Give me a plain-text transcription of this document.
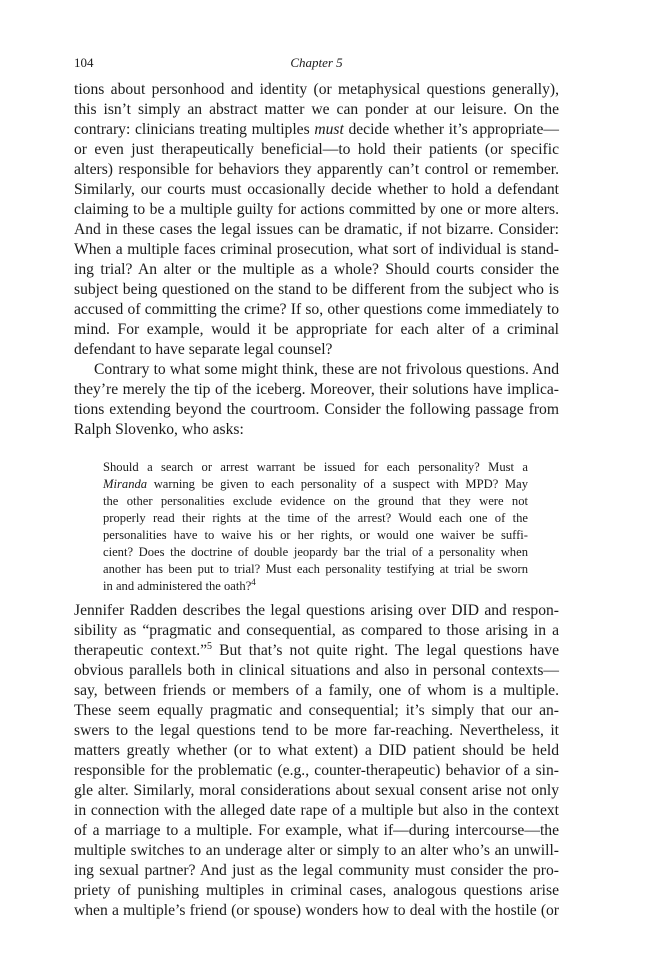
104	Chapter 5
tions about personhood and identity (or metaphysical questions generally),
this isn’t simply an abstract matter we can ponder at our leisure. On the
contrary: clinicians treating multiples must decide whether it’s appropriate—
or even just therapeutically beneficial—to hold their patients (or specific
alters) responsible for behaviors they apparently can’t control or remember.
Similarly, our courts must occasionally decide whether to hold a defendant
claiming to be a multiple guilty for actions committed by one or more alters.
And in these cases the legal issues can be dramatic, if not bizarre. Consider:
When a multiple faces criminal prosecution, what sort of individual is stand-
ing trial? An alter or the multiple as a whole? Should courts consider the
subject being questioned on the stand to be different from the subject who is
accused of committing the crime? If so, other questions come immediately to
mind. For example, would it be appropriate for each alter of a criminal
defendant to have separate legal counsel?
Contrary to what some might think, these are not frivolous questions. And
they’re merely the tip of the iceberg. Moreover, their solutions have implica-
tions extending beyond the courtroom. Consider the following passage from
Ralph Slovenko, who asks:
Should a search or arrest warrant be issued for each personality? Must a
Miranda warning be given to each personality of a suspect with MPD? May
the other personalities exclude evidence on the ground that they were not
properly read their rights at the time of the arrest? Would each one of the
personalities have to waive his or her rights, or would one waiver be suffi-
cient? Does the doctrine of double jeopardy bar the trial of a personality when
another has been put to trial? Must each personality testifying at trial be sworn
in and administered the oath?$^4$
Jennifer Radden describes the legal questions arising over DID and respon-
sibility as “pragmatic and consequential, as compared to those arising in a
therapeutic context.”$^5$ But that’s not quite right. The legal questions have
obvious parallels both in clinical situations and also in personal contexts—
say, between friends or members of a family, one of whom is a multiple.
These seem equally pragmatic and consequential; it’s simply that our an-
swers to the legal questions tend to be more far-reaching. Nevertheless, it
matters greatly whether (or to what extent) a DID patient should be held
responsible for the problematic (e.g., counter-therapeutic) behavior of a sin-
gle alter. Similarly, moral considerations about sexual consent arise not only
in connection with the alleged date rape of a multiple but also in the context
of a marriage to a multiple. For example, what if—during intercourse—the
multiple switches to an underage alter or simply to an alter who’s an unwill-
ing sexual partner? And just as the legal community must consider the pro-
priety of punishing multiples in criminal cases, analogous questions arise
when a multiple’s friend (or spouse) wonders how to deal with the hostile (or
